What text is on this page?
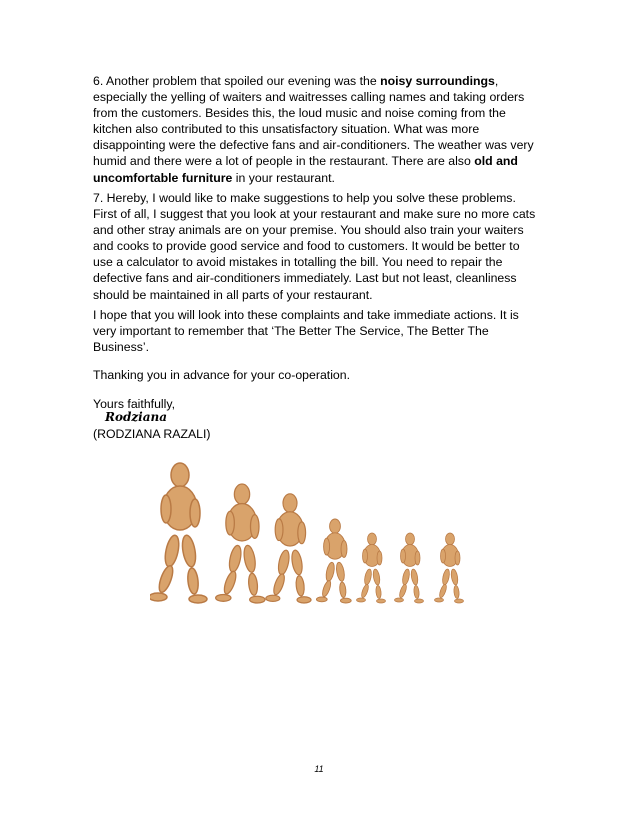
6. Another problem that spoiled our evening was the noisy surroundings,
especially the yelling of waiters and waitresses calling names and taking orders
from the customers. Besides this, the loud music and noise coming from the
kitchen also contributed to this unsatisfactory situation. What was more
disappointing were the defective fans and air-conditioners. The weather was very
humid and there were a lot of people in the restaurant. There are also old and
uncomfortable furniture in your restaurant.

7. Hereby, I would like to make suggestions to help you solve these problems.
First of all, I suggest that you look at your restaurant and make sure no more cats
and other stray animals are on your premise. You should also train your waiters
and cooks to provide good service and food to customers. It would be better to
use a calculator to avoid mistakes in totalling the bill. You need to repair the
defective fans and air-conditioners immediately. Last but not least, cleanliness
should be maintained in all parts of your restaurant.

I hope that you will look into these complaints and take immediate actions. It is
very important to remember that ‘The Better The Service, The Better The
Business’.

Thanking you in advance for your co-operation.

Yours faithfully,

Rodziana

(RODZIANA RAZALI)

11
